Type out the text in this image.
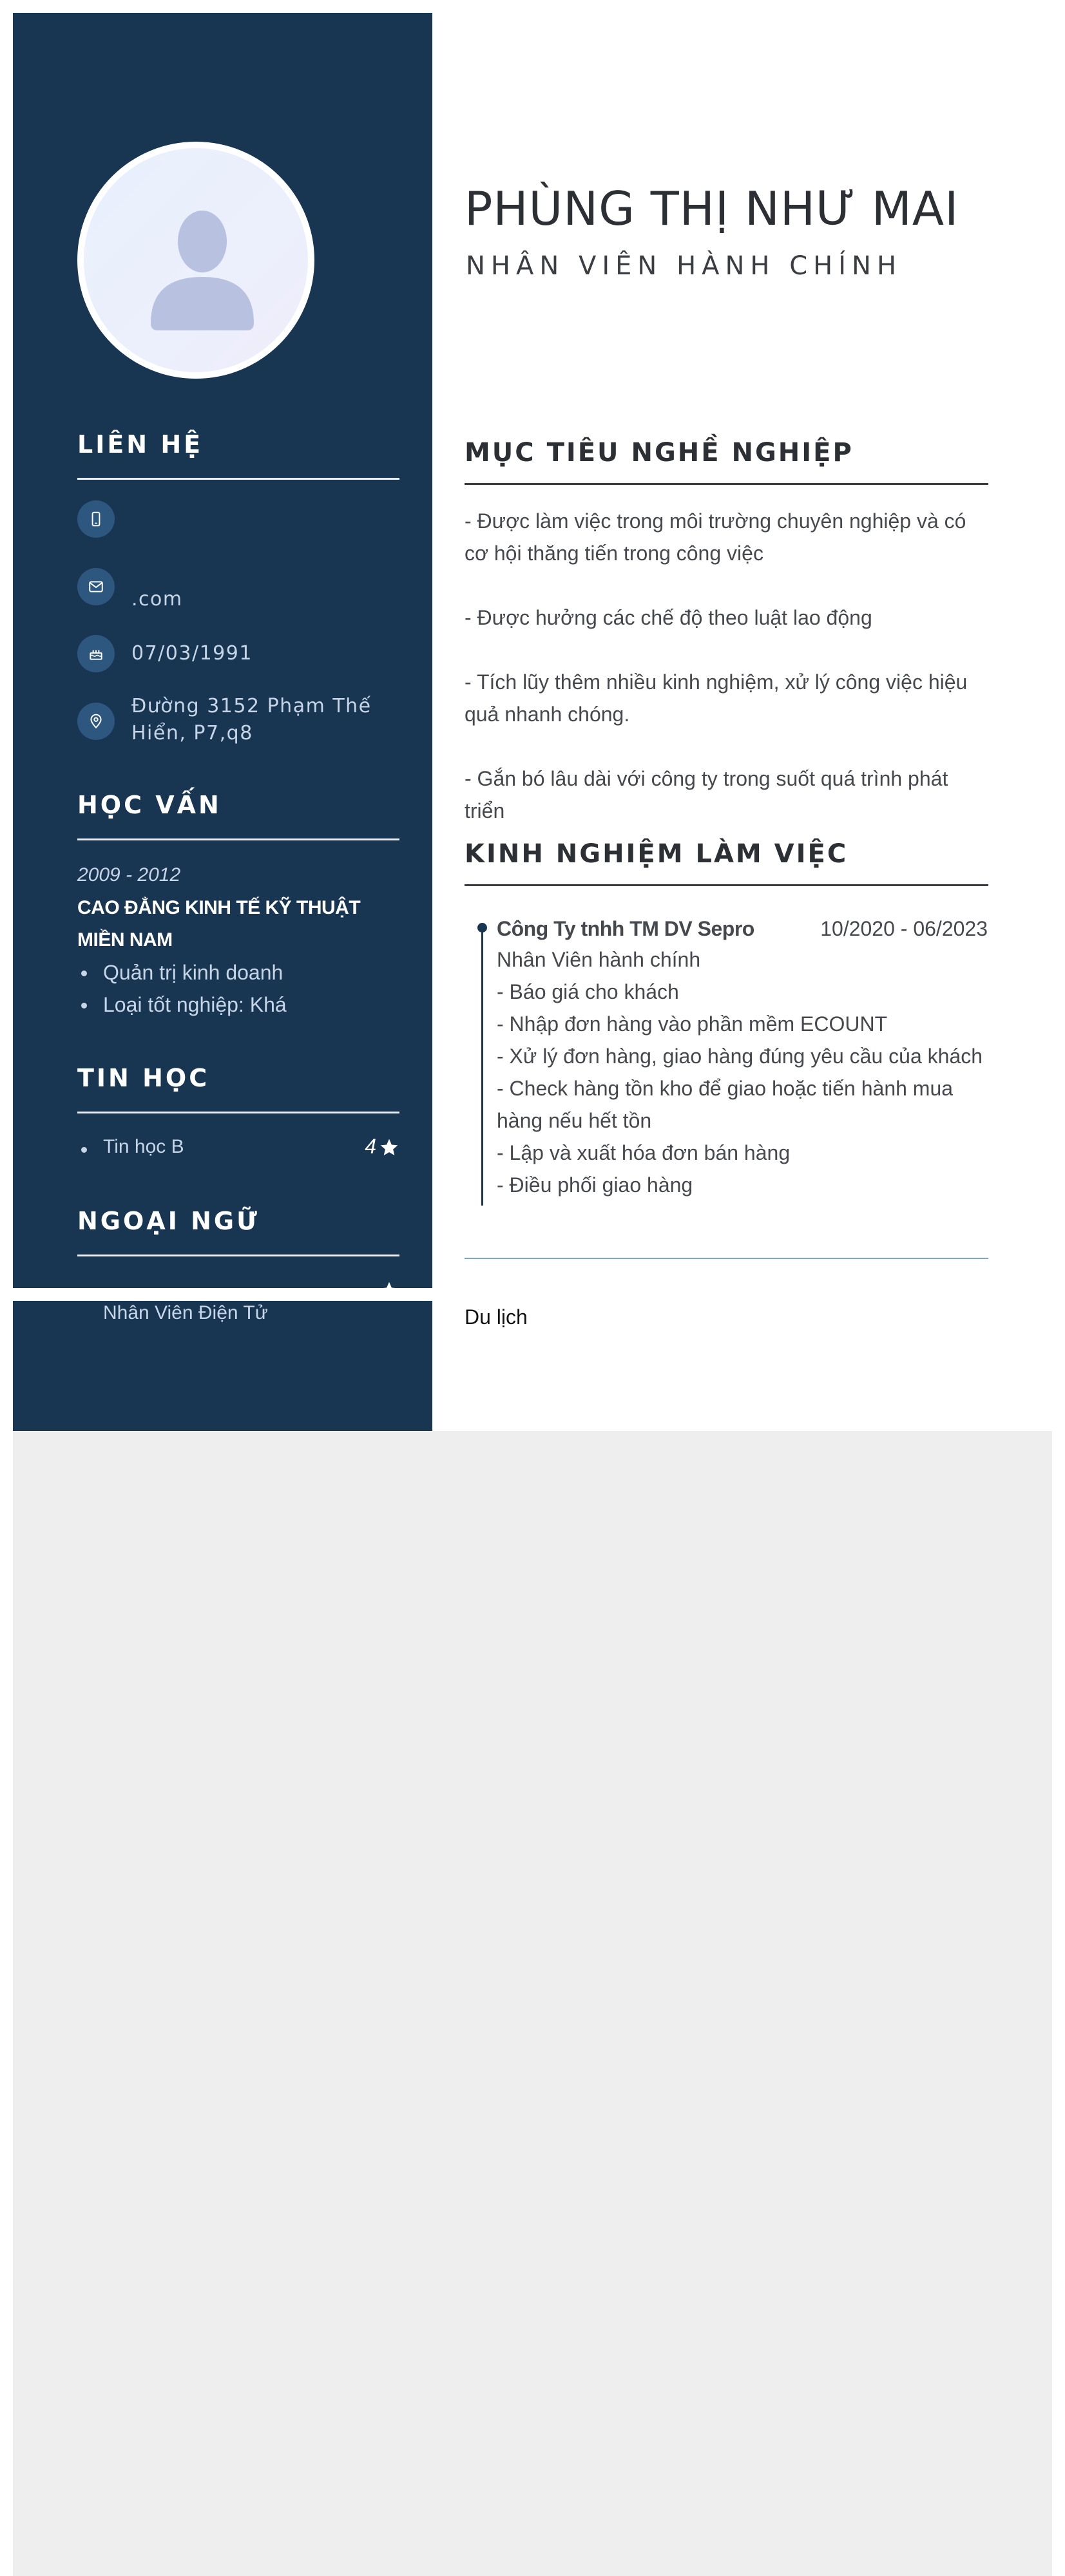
LIÊN HỆ
.com
07/03/1991
Đường 3152 Phạm Thế Hiển, P7,q8
HỌC VẤN
2009 - 2012
CAO ĐẲNG KINH TẾ KỸ THUẬT MIỀN NAM
Quản trị kinh doanh
Loại tốt nghiệp: Khá
TIN HỌC
Tin học B	4
NGOẠI NGỮ
PHÙNG THỊ NHƯ MAI
NHÂN VIÊN HÀNH CHÍNH
MỤC TIÊU NGHỀ NGHIỆP
- Được làm việc trong môi trường chuyên nghiệp và có cơ hội thăng tiến trong công việc
- Được hưởng các chế độ theo luật lao động
- Tích lũy thêm nhiều kinh nghiệm, xử lý công việc hiệu quả nhanh chóng.
- Gắn bó lâu dài với công ty trong suốt quá trình phát triển
KINH NGHIỆM LÀM VIỆC
Công Ty tnhh TM DV Sepro	10/2020 - 06/2023
Nhân Viên hành chính
- Báo giá cho khách
- Nhập đơn hàng vào phần mềm ECOUNT
- Xử lý đơn hàng, giao hàng đúng yêu cầu của khách
- Check hàng tồn kho để giao hoặc tiến hành mua hàng nếu hết tồn
- Lập và xuất hóa đơn bán hàng
- Điều phối giao hàng
Nhân Viên Điện Tử	Du lịch
